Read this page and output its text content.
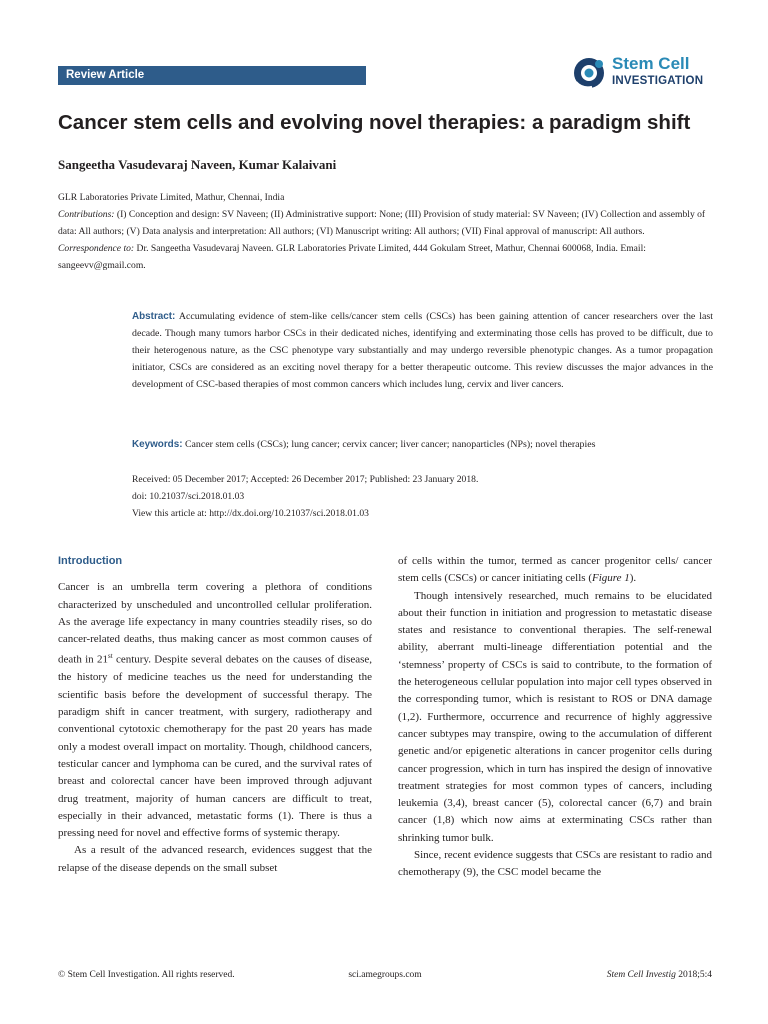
Review Article
Stem Cell
INVESTIGATION
Cancer stem cells and evolving novel therapies: a paradigm shift
Sangeetha Vasudevaraj Naveen, Kumar Kalaivani

GLR Laboratories Private Limited, Mathur, Chennai, India

Contributions: (I) Conception and design: SV Naveen; (II) Administrative support: None; (III) Provision of study material: SV Naveen; (IV) Collection and assembly of data: All authors; (V) Data analysis and interpretation: All authors; (VI) Manuscript writing: All authors; (VII) Final approval of manuscript: All authors.

Correspondence to: Dr. Sangeetha Vasudevaraj Naveen. GLR Laboratories Private Limited, 444 Gokulam Street, Mathur, Chennai 600068, India. Email: sangeevv@gmail.com.

Abstract: Accumulating evidence of stem-like cells/cancer stem cells (CSCs) has been gaining attention of cancer researchers over the last decade. Though many tumors harbor CSCs in their dedicated niches, identifying and exterminating those cells has proved to be difficult, due to their heterogenous nature, as the CSC phenotype vary substantially and may undergo reversible phenotypic changes. As a tumor propagation initiator, CSCs are considered as an exciting novel therapy for a better therapeutic outcome. This review discusses the major advances in the development of CSC-based therapies of most common cancers which includes lung, cervix and liver cancers.
Keywords: Cancer stem cells (CSCs); lung cancer; cervix cancer; liver cancer; nanoparticles (NPs); novel therapies

Received: 05 December 2017; Accepted: 26 December 2017; Published: 23 January 2018.

doi: 10.21037/sci.2018.01.03

View this article at: http://dx.doi.org/10.21037/sci.2018.01.03

Introduction

Cancer is an umbrella term covering a plethora of conditions characterized by unscheduled and uncontrolled cellular proliferation. As the average life expectancy in many countries steadily rises, so do cancer-related deaths, thus making cancer as most common causes of death in 21st century. Despite several debates on the causes of disease, the history of medicine teaches us the need for understanding the scientific basis before the development of successful therapy. The paradigm shift in cancer treatment, with surgery, radiotherapy and conventional cytotoxic chemotherapy for the past 20 years has made only a modest overall impact on mortality. Though, childhood cancers, testicular cancer and lymphoma can be cured, and the survival rates of breast and colorectal cancer have been improved through adjuvant drug treatment, majority of human cancers are difficult to treat, especially in their advanced, metastatic forms (1). There is thus a pressing need for novel and effective forms of systemic therapy.

As a result of the advanced research, evidences suggest that the relapse of the disease depends on the small subset

of cells within the tumor, termed as cancer progenitor cells/ cancer stem cells (CSCs) or cancer initiating cells (Figure 1).

Though intensively researched, much remains to be elucidated about their function in initiation and progression to metastatic disease states and resistance to conventional therapies. The self-renewal ability, aberrant multi-lineage differentiation potential and the ‘stemness’ property of CSCs is said to contribute, to the formation of the heterogeneous cellular population into major cell types observed in the corresponding tumor, which is resistant to ROS or DNA damage (1,2). Furthermore, occurrence and recurrence of highly aggressive cancer subtypes may transpire, owing to the accumulation of different genetic and/or epigenetic alterations in cancer progenitor cells during cancer progression, which in turn has inspired the design of innovative treatment strategies for most common types of cancers, including leukemia (3,4), breast cancer (5), colorectal cancer (6,7) and brain cancer (1,8) which now aims at exterminating CSCs rather than shrinking tumor bulk.

Since, recent evidence suggests that CSCs are resistant to radio and chemotherapy (9), the CSC model became the

© Stem Cell Investigation. All rights reserved.	sci.amegroups.com	Stem Cell Investig 2018;5:4
